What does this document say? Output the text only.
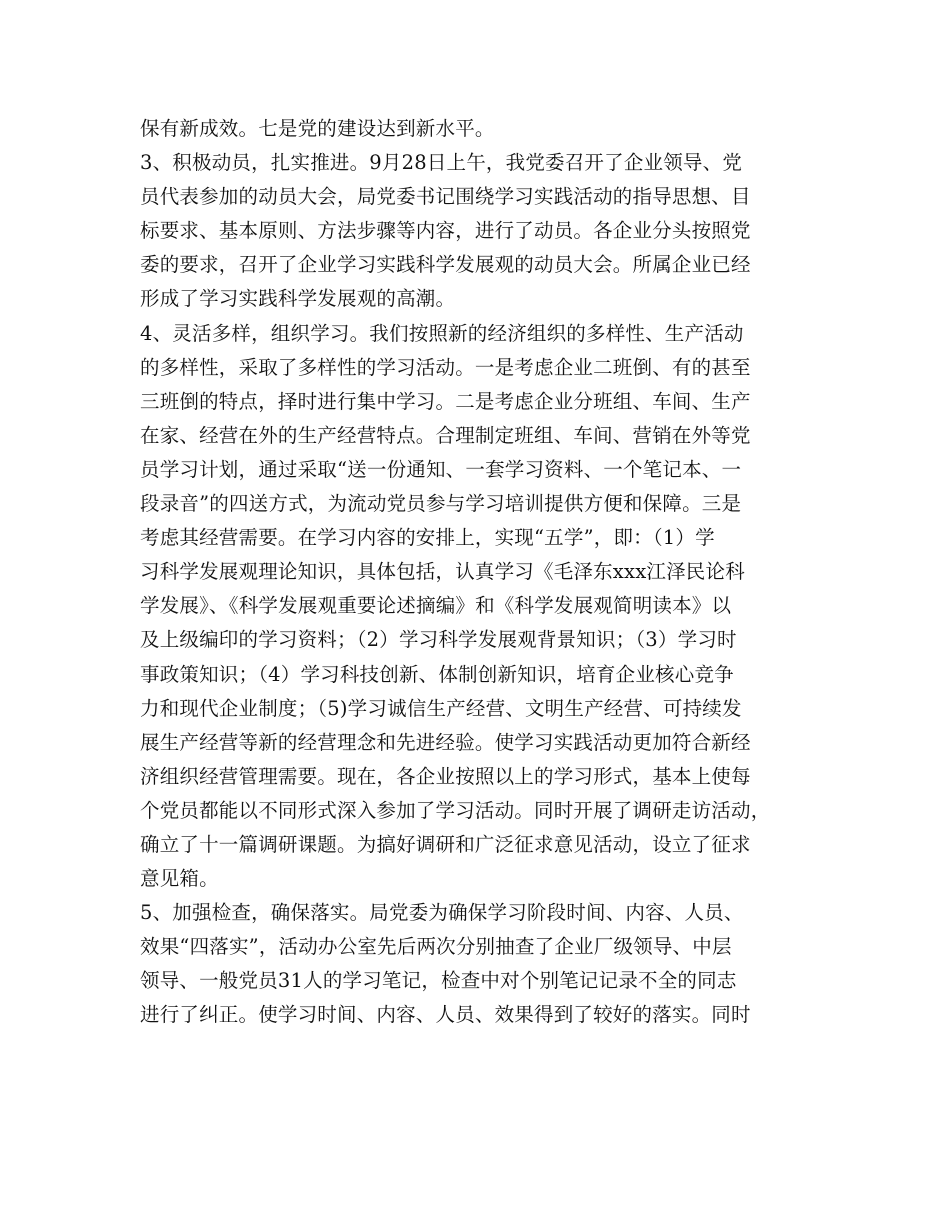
保有新成效。七是党的建设达到新水平。
3、积极动员，扎实推进。9月28日上午，我党委召开了企业领导、党
员代表参加的动员大会，局党委书记围绕学习实践活动的指导思想、目
标要求、基本原则、方法步骤等内容，进行了动员。各企业分头按照党
委的要求，召开了企业学习实践科学发展观的动员大会。所属企业已经
形成了学习实践科学发展观的高潮。
4、灵活多样，组织学习。我们按照新的经济组织的多样性、生产活动
的多样性，采取了多样性的学习活动。一是考虑企业二班倒、有的甚至
三班倒的特点，择时进行集中学习。二是考虑企业分班组、车间、生产
在家、经营在外的生产经营特点。合理制定班组、车间、营销在外等党
员学习计划，通过采取“送一份通知、一套学习资料、一个笔记本、一
段录音”的四送方式，为流动党员参与学习培训提供方便和保障。三是
考虑其经营需要。在学习内容的安排上，实现“五学”，即：（1）学
习科学发展观理论知识，具体包括，认真学习《毛泽东xxx江泽民论科
学发展》、《科学发展观重要论述摘编》和《科学发展观简明读本》以
及上级编印的学习资料；（2）学习科学发展观背景知识；（3）学习时
事政策知识；（4）学习科技创新、体制创新知识，培育企业核心竞争
力和现代企业制度；（5)学习诚信生产经营、文明生产经营、可持续发
展生产经营等新的经营理念和先进经验。使学习实践活动更加符合新经
济组织经营管理需要。现在，各企业按照以上的学习形式，基本上使每
个党员都能以不同形式深入参加了学习活动。同时开展了调研走访活动，
确立了十一篇调研课题。为搞好调研和广泛征求意见活动，设立了征求
意见箱。
5、加强检查，确保落实。局党委为确保学习阶段时间、内容、人员、
效果“四落实”，活动办公室先后两次分别抽查了企业厂级领导、中层
领导、一般党员31人的学习笔记，检查中对个别笔记记录不全的同志
进行了纠正。使学习时间、内容、人员、效果得到了较好的落实。同时
